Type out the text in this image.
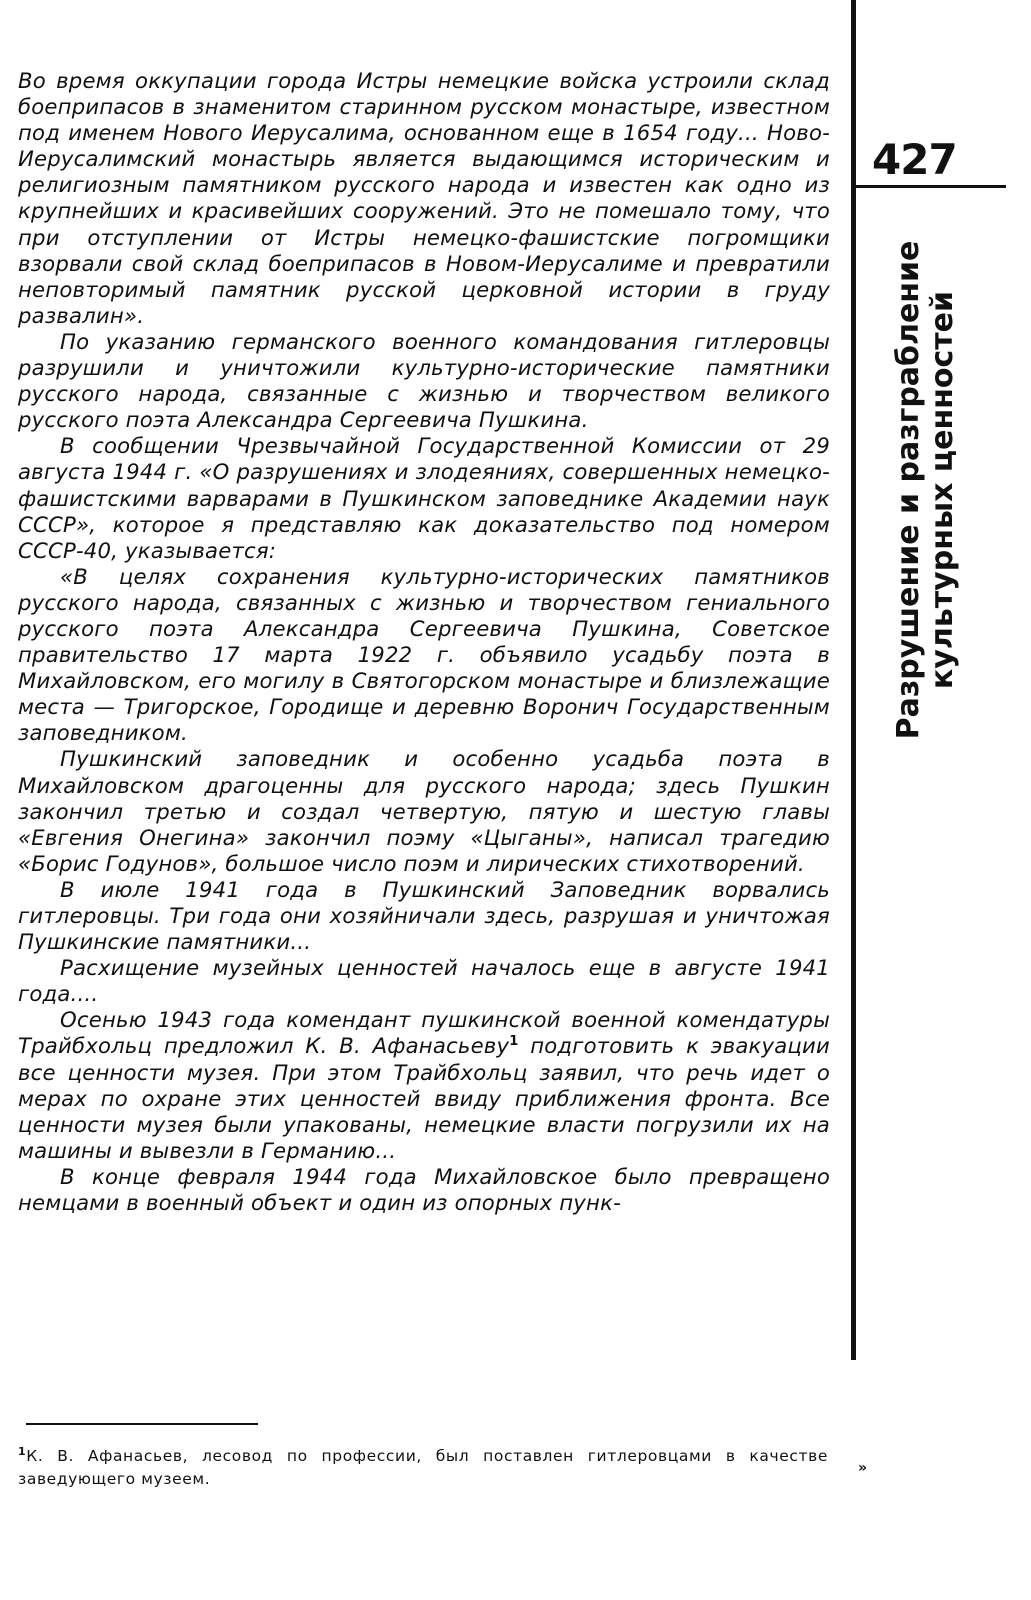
Во время оккупации города Истры немецкие войска устроили склад боеприпасов в знаменитом старинном русском монастыре, известном под именем Нового Иерусалима, основанном еще в 1654 году... Ново-Иерусалимский монастырь является выдающимся историческим и религиозным памятником русского народа и известен как одно из крупнейших и красивейших сооружений. Это не помешало тому, что при отступлении от Истры немецко-фашистские погромщики взорвали свой склад боеприпасов в Новом-Иерусалиме и превратили неповторимый памятник русской церковной истории в груду развалин».

По указанию германского военного командования гитлеровцы разрушили и уничтожили культурно-исторические памятники русского народа, связанные с жизнью и творчеством великого русского поэта Александра Сергеевича Пушкина.

В сообщении Чрезвычайной Государственной Комиссии от 29 августа 1944 г. «О разрушениях и злодеяниях, совершенных немецко-фашистскими варварами в Пушкинском заповеднике Академии наук СССР», которое я представляю как доказательство под номером СССР-40, указывается:

«В целях сохранения культурно-исторических памятников русского народа, связанных с жизнью и творчеством гениального русского поэта Александра Сергеевича Пушкина, Советское правительство 17 марта 1922 г. объявило усадьбу поэта в Михайловском, его могилу в Святогорском монастыре и близлежащие места — Тригорское, Городище и деревню Воронич Государственным заповедником.

Пушкинский заповедник и особенно усадьба поэта в Михайловском драгоценны для русского народа; здесь Пушкин закончил третью и создал четвертую, пятую и шестую главы «Евгения Онегина» закончил поэму «Цыганы», написал трагедию «Борис Годунов», большое число поэм и лирических стихотворений.

В июле 1941 года в Пушкинский Заповедник ворвались гитлеровцы. Три года они хозяйничали здесь, разрушая и уничтожая Пушкинские памятники...

Расхищение музейных ценностей началось еще в августе 1941 года....

Осенью 1943 года комендант пушкинской военной комендатуры Трайбхольц предложил К. В. Афанасьеву$^1$ подготовить к эвакуации все ценности музея. При этом Трайбхольц заявил, что речь идет о мерах по охране этих ценностей ввиду приближения фронта. Все ценности музея были упакованы, немецкие власти погрузили их на машины и вывезли в Германию...

В конце февраля 1944 года Михайловское было превращено немцами в военный объект и один из опорных пунк-

427
Разрушение и разграбление культурных ценностей
$^1$К. В. Афанасьев, лесовод по профессии, был поставлен гитлеровцами в качестве заведующего музеем.
»
